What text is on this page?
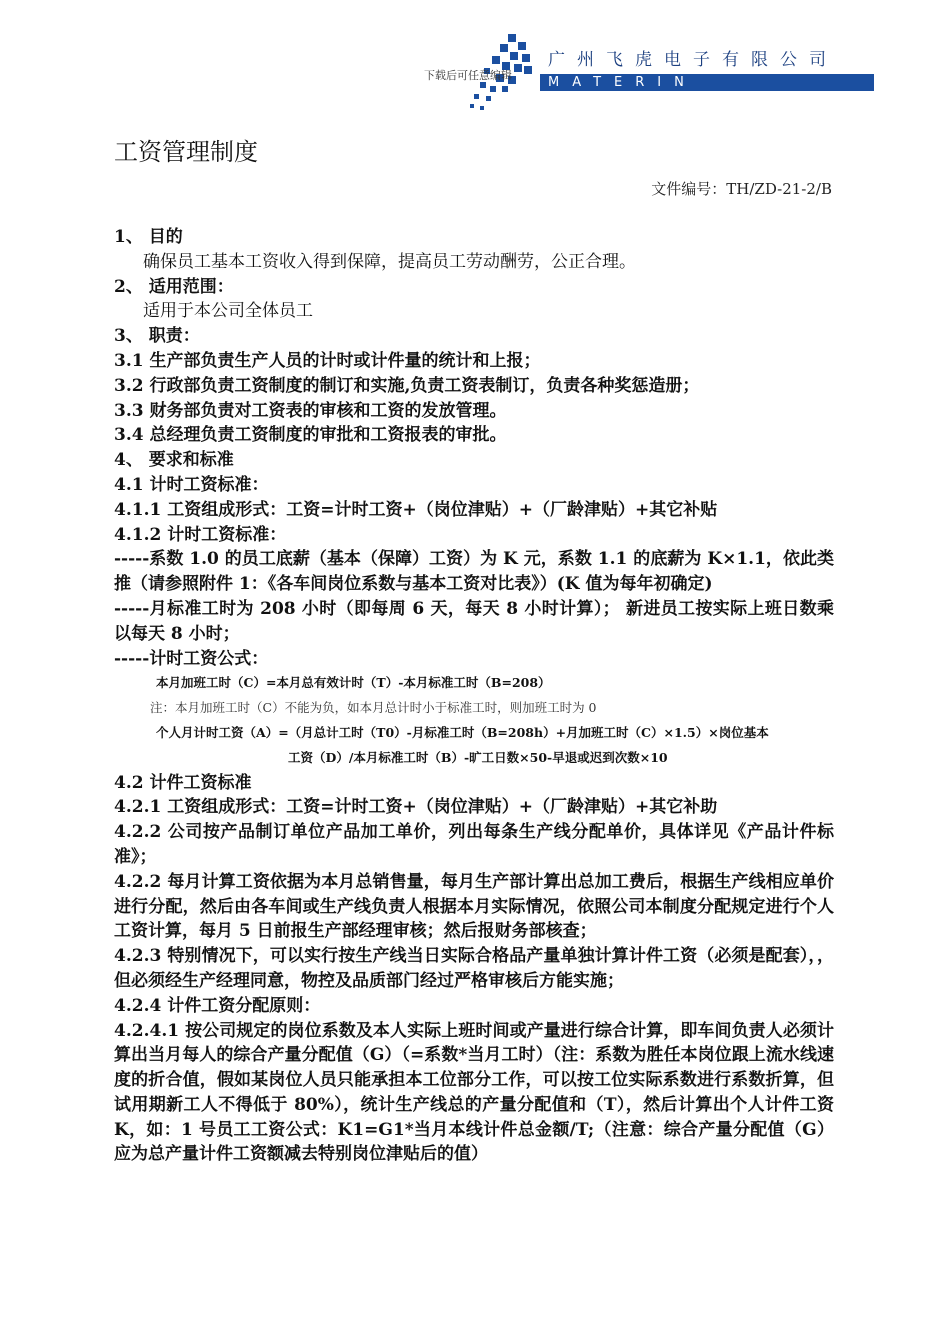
广州飞虎电子有限公司
MATERIN
下载后可任意编辑
工资管理制度
文件编号：TH/ZD-21-2/B

1、 目的

确保员工基本工资收入得到保障，提高员工劳动酬劳，公正合理。

2、 适用范围：

适用于本公司全体员工

3、 职责：

3.1 生产部负责生产人员的计时或计件量的统计和上报；

3.2 行政部负责工资制度的制订和实施,负责工资表制订，负责各种奖惩造册；

3.3 财务部负责对工资表的审核和工资的发放管理。

3.4 总经理负责工资制度的审批和工资报表的审批。

4、 要求和标准

4.1 计时工资标准：

4.1.1 工资组成形式：工资=计时工资+（岗位津贴）+（厂龄津贴）+其它补贴

4.1.2 计时工资标准：

-----系数 1.0 的员工底薪（基本（保障）工资）为 K 元，系数 1.1 的底薪为 K×1.1，依此类推（请参照附件 1：《各车间岗位系数与基本工资对比表》）(K 值为每年初确定)

-----月标准工时为 208 小时（即每周 6 天，每天 8 小时计算）； 新进员工按实际上班日数乘以每天 8 小时；

-----计时工资公式：

本月加班工时（C）=本月总有效计时（T）-本月标准工时（B=208）

注：本月加班工时（C）不能为负，如本月总计时小于标准工时，则加班工时为 0

个人月计时工资（A）=（月总计工时（T0）-月标准工时（B=208h）+月加班工时（C）×1.5）×岗位基本

工资（D）/本月标准工时（B）-旷工日数×50-早退或迟到次数×10

4.2 计件工资标准

4.2.1 工资组成形式：工资=计时工资+（岗位津贴）+（厂龄津贴）+其它补助

4.2.2 公司按产品制订单位产品加工单价，列出每条生产线分配单价，具体详见《产品计件标准》；

4.2.2 每月计算工资依据为本月总销售量，每月生产部计算出总加工费后，根据生产线相应单价进行分配，然后由各车间或生产线负责人根据本月实际情况，依照公司本制度分配规定进行个人工资计算，每月 5 日前报生产部经理审核；然后报财务部核查；

4.2.3 特别情况下，可以实行按生产线当日实际合格品产量单独计算计件工资（必须是配套），，但必须经生产经理同意，物控及品质部门经过严格审核后方能实施；

4.2.4 计件工资分配原则：

4.2.4.1 按公司规定的岗位系数及本人实际上班时间或产量进行综合计算，即车间负责人必须计算出当月每人的综合产量分配值（G）（=系数*当月工时）（注：系数为胜任本岗位跟上流水线速度的折合值，假如某岗位人员只能承担本工位部分工作，可以按工位实际系数进行系数折算，但试用期新工人不得低于 80%），统计生产线总的产量分配值和（T），然后计算出个人计件工资 K，如：1 号员工工资公式：K1=G1*当月本线计件总金额/T;（注意：综合产量分配值（G）应为总产量计件工资额减去特别岗位津贴后的值）
